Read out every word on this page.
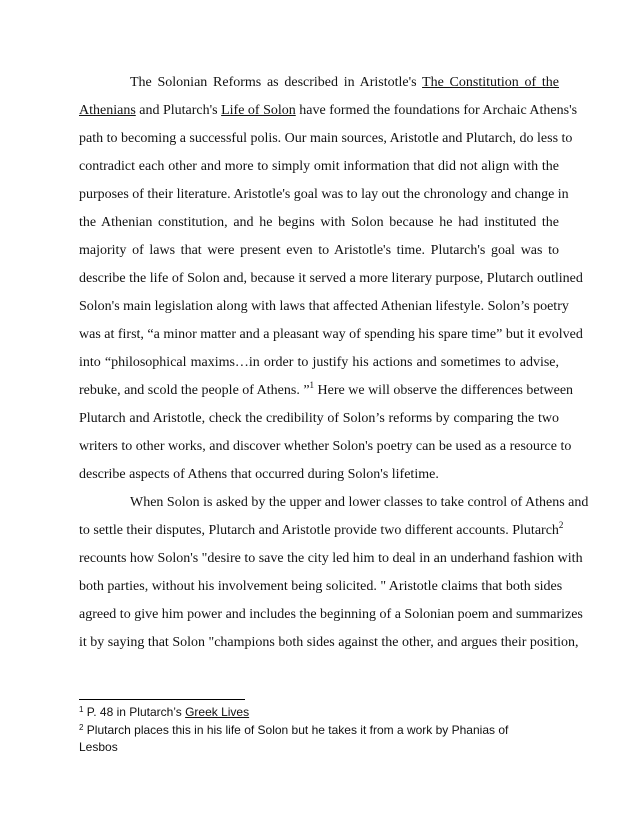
The Solonian Reforms as described in Aristotle's The Constitution of the
Athenians and Plutarch's Life of Solon have formed the foundations for Archaic Athens's
path to becoming a successful polis. Our main sources, Aristotle and Plutarch, do less to
contradict each other and more to simply omit information that did not align with the
purposes of their literature. Aristotle's goal was to lay out the chronology and change in
the Athenian constitution, and he begins with Solon because he had instituted the
majority of laws that were present even to Aristotle's time. Plutarch's goal was to
describe the life of Solon and, because it served a more literary purpose, Plutarch outlined
Solon's main legislation along with laws that affected Athenian lifestyle. Solon’s poetry
was at first, “a minor matter and a pleasant way of spending his spare time” but it evolved
into “philosophical maxims…in order to justify his actions and sometimes to advise,
rebuke, and scold the people of Athens. ”$^1$ Here we will observe the differences between
Plutarch and Aristotle, check the credibility of Solon’s reforms by comparing the two
writers to other works, and discover whether Solon's poetry can be used as a resource to
describe aspects of Athens that occurred during Solon's lifetime.
When Solon is asked by the upper and lower classes to take control of Athens and
to settle their disputes, Plutarch and Aristotle provide two different accounts. Plutarch$^2$
recounts how Solon's "desire to save the city led him to deal in an underhand fashion with
both parties, without his involvement being solicited. " Aristotle claims that both sides
agreed to give him power and includes the beginning of a Solonian poem and summarizes
it by saying that Solon "champions both sides against the other, and argues their position,
$^1$ P. 48 in Plutarch’s Greek Lives
$^2$ Plutarch places this in his life of Solon but he takes it from a work by Phanias of
Lesbos
